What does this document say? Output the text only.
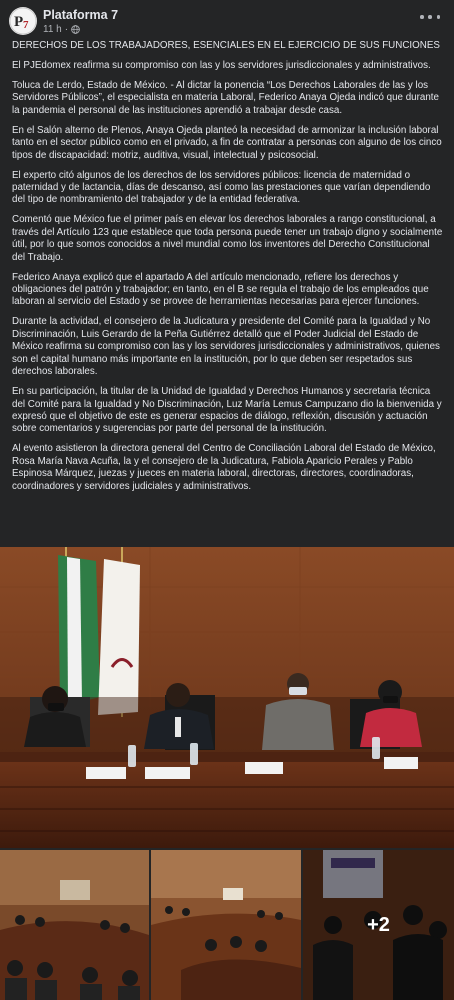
P 7
Plataforma 7
11 h ·

DERECHOS DE LOS TRABAJADORES, ESENCIALES EN EL EJERCICIO DE SUS FUNCIONES

El PJEdomex reafirma su compromiso con las y los servidores jurisdiccionales y administrativos.

Toluca de Lerdo, Estado de México. - Al dictar la ponencia “Los Derechos Laborales de las y los Servidores Públicos”, el especialista en materia Laboral, Federico Anaya Ojeda indicó que durante la pandemia el personal de las instituciones aprendió a trabajar desde casa.

En el Salón alterno de Plenos, Anaya Ojeda planteó la necesidad de armonizar la inclusión laboral tanto en el sector público como en el privado, a fin de contratar a personas con alguno de los cinco tipos de discapacidad: motriz, auditiva, visual, intelectual y psicosocial.

El experto citó algunos de los derechos de los servidores públicos: licencia de maternidad o paternidad y de lactancia, días de descanso, así como las prestaciones que varían dependiendo del tipo de nombramiento del trabajador y de la entidad federativa.

Comentó que México fue el primer país en elevar los derechos laborales a rango constitucional, a través del Artículo 123 que establece que toda persona puede tener un trabajo digno y socialmente útil, por lo que somos conocidos a nivel mundial como los inventores del Derecho Constitucional del Trabajo.

Federico Anaya explicó que el apartado A del artículo mencionado, refiere los derechos y obligaciones del patrón y trabajador; en tanto, en el B se regula el trabajo de los empleados que laboran al servicio del Estado y se provee de herramientas necesarias para ejercer funciones.

Durante la actividad, el consejero de la Judicatura y presidente del Comité para la Igualdad y No Discriminación, Luis Gerardo de la Peña Gutiérrez detalló que el Poder Judicial del Estado de México reafirma su compromiso con las y los servidores jurisdiccionales y administrativos, quienes son el capital humano más importante en la institución, por lo que deben ser respetados sus derechos laborales.

En su participación, la titular de la Unidad de Igualdad y Derechos Humanos y secretaria técnica del Comité para la Igualdad y No Discriminación, Luz María Lemus Campuzano dio la bienvenida y expresó que el objetivo de este es generar espacios de diálogo, reflexión, discusión y actuación sobre comentarios y sugerencias por parte del personal de la institución.

Al evento asistieron la directora general del Centro de Conciliación Laboral del Estado de México, Rosa María Nava Acuña, la y el consejero de la Judicatura, Fabiola Aparicio Perales y Pablo Espinosa Márquez, juezas y jueces en materia laboral, directoras, directores, coordinadoras, coordinadores y servidores judiciales y administrativos.

+2
